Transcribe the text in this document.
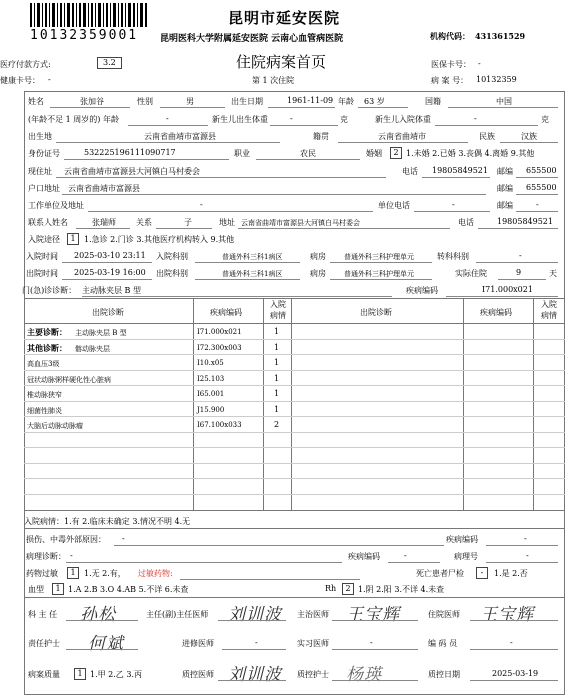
10132359001
昆明市延安医院
昆明医科大学附属延安医院 云南心血管病医院	机构代码： 431361529
医疗付款方式:	3.2	住院病案首页	医保卡号： -
健康卡号： -	第 1 次住院	病 案 号： 10132359
姓名	张加谷	性别	男	出生日期	1961-11-09 年龄 63 岁	国籍	中国
(年龄不足 1 周岁的) 年龄	-	新生儿出生体重	-	克	新生儿入院体重	-	克
出生地	云南省曲靖市富源县	籍贯	云南省曲靖市	民族	汉族
身份证号	532225196111090717	职业	农民	婚姻	2 1.未婚 2.已婚 3.丧偶 4.离婚 9.其他
现住址 云南省曲靖市富源县大河镇白马村委会	电话 19805849521 邮编 655500
户口地址 云南省曲靖市富源县	邮编 655500
工作单位及地址	-	单位电话	-	邮编	-
联系人姓名	张瑞师	关系	子	地址 云南省曲靖市富源县大河镇白马村委会	电话	19805849521
入院途径	1	1.急诊 2.门诊 3.其他医疗机构转入 9.其他
入院时间 2025-03-10 23:11 入院科别	普通外科三科1病区	病房	普通外科三科护理单元	转科科别	-
出院时间 2025-03-19 16:00 出院科别	普通外科三科1病区	病房	普通外科三科护理单元	实际住院	9	天
门(急)诊诊断： 主动脉夹层 B 型	疾病编码	I71.000x021
出院诊断	疾病编码
入院病情	出院诊断	疾病编码
入院病情
主要诊断： 主动脉夹层 B 型	I71.000x021	1
其他诊断： 髂动脉夹层	I72.300x003	1
高血压3级	I10.x05	1
冠状动脉粥样硬化性心脏病	I25.103	1
椎动脉狭窄	I65.001	1
细菌性肺炎	J15.900	1
大脑后动脉动脉瘤	I67.100x033	2
入院病情：1.有 2.临床未确定 3.情况不明 4.无
损伤、中毒外部原因： -	疾病编码	-
病理诊断： -	疾病编码	-	病理号	-
药物过敏	1	1.无 2.有， 过敏药物:	死亡患者尸检	-	1.是 2.否
血型	1 1.A 2.B 3.O 4.AB 5.不详 6.未查	Rh	2 1.阴 2.阳 3.不详 4.未查
科 主 任 孙松	主任(副)主任医师 刘训波 主治医师 王宝辉	住院医师 王宝辉
责任护士 何斌	进修医师	-	实习医师	-	编 码 员	-
病案质量	1 1.甲 2.乙 3.丙	质控医师 刘训波 质控护士 杨瑛	质控日期	2025-03-19
